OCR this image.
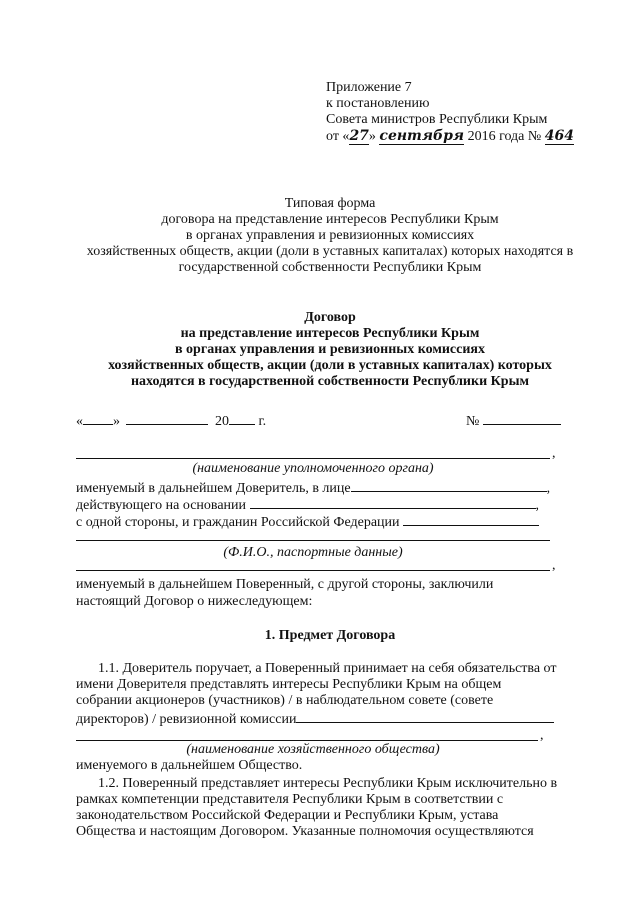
Приложение 7
к постановлению
Совета министров Республики Крым
от «27» сентября 2016 года № 464
Типовая форма
договора на представление интересов Республики Крым
в органах управления и ревизионных комиссиях
хозяйственных обществ, акции (доли в уставных капиталах) которых находятся в
государственной собственности Республики Крым
Договор
на представление интересов Республики Крым
в органах управления и ревизионных комиссиях
хозяйственных обществ, акции (доли в уставных капиталах) которых
находятся в государственной собственности Республики Крым
« »	20 г.	№
,
(наименование уполномоченного органа)
именуемый в дальнейшем Доверитель, в лице	,
действующего на основании	,
с одной стороны, и гражданин Российской Федерации
(Ф.И.О., паспортные данные)
,
именуемый в дальнейшем Поверенный, с другой стороны, заключили
настоящий Договор о нижеследующем:
1. Предмет Договора
1.1. Доверитель поручает, а Поверенный принимает на себя обязательства от
имени Доверителя представлять интересы Республики Крым на общем
собрании акционеров (участников) / в наблюдательном совете (совете
директоров) / ревизионной комиссии
,
(наименование хозяйственного общества)
именуемого в дальнейшем Общество.
1.2. Поверенный представляет интересы Республики Крым исключительно в
рамках компетенции представителя Республики Крым в соответствии с
законодательством Российской Федерации и Республики Крым, устава
Общества и настоящим Договором. Указанные полномочия осуществляются
